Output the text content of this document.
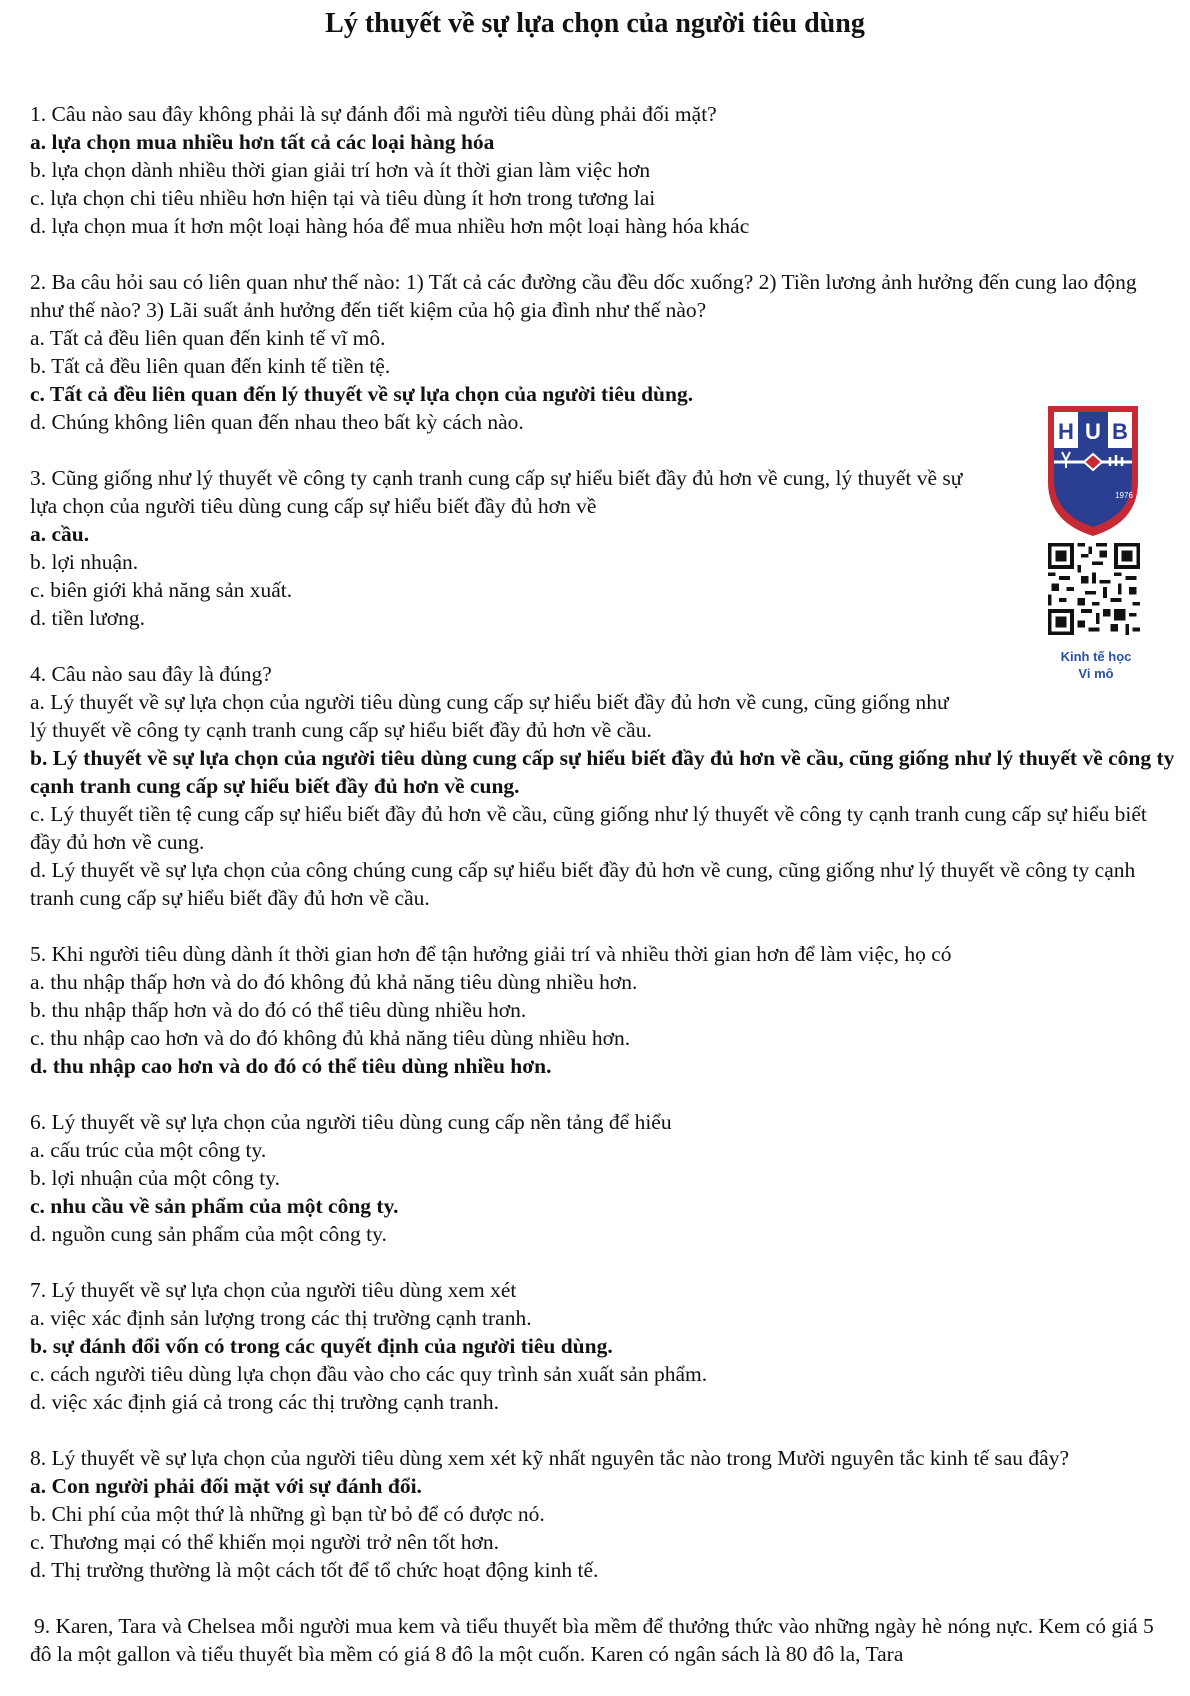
Lý thuyết về sự lựa chọn của người tiêu dùng

1. Câu nào sau đây không phải là sự đánh đổi mà người tiêu dùng phải đối mặt?

a. lựa chọn mua nhiều hơn tất cả các loại hàng hóa

b. lựa chọn dành nhiều thời gian giải trí hơn và ít thời gian làm việc hơn

c. lựa chọn chi tiêu nhiều hơn hiện tại và tiêu dùng ít hơn trong tương lai

d. lựa chọn mua ít hơn một loại hàng hóa để mua nhiều hơn một loại hàng hóa khác

2. Ba câu hỏi sau có liên quan như thế nào: 1) Tất cả các đường cầu đều dốc xuống? 2) Tiền lương ảnh hưởng đến cung lao động như thế nào? 3) Lãi suất ảnh hưởng đến tiết kiệm của hộ gia đình như thế nào?

a. Tất cả đều liên quan đến kinh tế vĩ mô.

b. Tất cả đều liên quan đến kinh tế tiền tệ.

c. Tất cả đều liên quan đến lý thuyết về sự lựa chọn của người tiêu dùng.

d. Chúng không liên quan đến nhau theo bất kỳ cách nào.

3. Cũng giống như lý thuyết về công ty cạnh tranh cung cấp sự hiểu biết đầy đủ hơn về cung, lý thuyết về sự lựa chọn của người tiêu dùng cung cấp sự hiểu biết đầy đủ hơn về

a. cầu.

b. lợi nhuận.

c. biên giới khả năng sản xuất.

d. tiền lương.

4. Câu nào sau đây là đúng?

a. Lý thuyết về sự lựa chọn của người tiêu dùng cung cấp sự hiểu biết đầy đủ hơn về cung, cũng giống như lý thuyết về công ty cạnh tranh cung cấp sự hiểu biết đầy đủ hơn về cầu.

b. Lý thuyết về sự lựa chọn của người tiêu dùng cung cấp sự hiểu biết đầy đủ hơn về cầu, cũng giống như lý thuyết về công ty cạnh tranh cung cấp sự hiểu biết đầy đủ hơn về cung.

c. Lý thuyết tiền tệ cung cấp sự hiểu biết đầy đủ hơn về cầu, cũng giống như lý thuyết về công ty cạnh tranh cung cấp sự hiểu biết đầy đủ hơn về cung.

d. Lý thuyết về sự lựa chọn của công chúng cung cấp sự hiểu biết đầy đủ hơn về cung, cũng giống như lý thuyết về công ty cạnh tranh cung cấp sự hiểu biết đầy đủ hơn về cầu.

5. Khi người tiêu dùng dành ít thời gian hơn để tận hưởng giải trí và nhiều thời gian hơn để làm việc, họ có

a. thu nhập thấp hơn và do đó không đủ khả năng tiêu dùng nhiều hơn.

b. thu nhập thấp hơn và do đó có thể tiêu dùng nhiều hơn.

c. thu nhập cao hơn và do đó không đủ khả năng tiêu dùng nhiều hơn.

d. thu nhập cao hơn và do đó có thể tiêu dùng nhiều hơn.

6. Lý thuyết về sự lựa chọn của người tiêu dùng cung cấp nền tảng để hiểu

a. cấu trúc của một công ty.

b. lợi nhuận của một công ty.

c. nhu cầu về sản phẩm của một công ty.

d. nguồn cung sản phẩm của một công ty.

7. Lý thuyết về sự lựa chọn của người tiêu dùng xem xét

a. việc xác định sản lượng trong các thị trường cạnh tranh.

b. sự đánh đổi vốn có trong các quyết định của người tiêu dùng.

c. cách người tiêu dùng lựa chọn đầu vào cho các quy trình sản xuất sản phẩm.

d. việc xác định giá cả trong các thị trường cạnh tranh.

8. Lý thuyết về sự lựa chọn của người tiêu dùng xem xét kỹ nhất nguyên tắc nào trong Mười nguyên tắc kinh tế sau đây?

a. Con người phải đối mặt với sự đánh đổi.

b. Chi phí của một thứ là những gì bạn từ bỏ để có được nó.

c. Thương mại có thể khiến mọi người trở nên tốt hơn.

d. Thị trường thường là một cách tốt để tổ chức hoạt động kinh tế.

9. Karen, Tara và Chelsea mỗi người mua kem và tiểu thuyết bìa mềm để thưởng thức vào những ngày hè nóng nực. Kem có giá 5 đô la một gallon và tiểu thuyết bìa mềm có giá 8 đô la một cuốn. Karen có ngân sách là 80 đô la, Tara

H U B
1976
Kinh tế học
Vi mô
